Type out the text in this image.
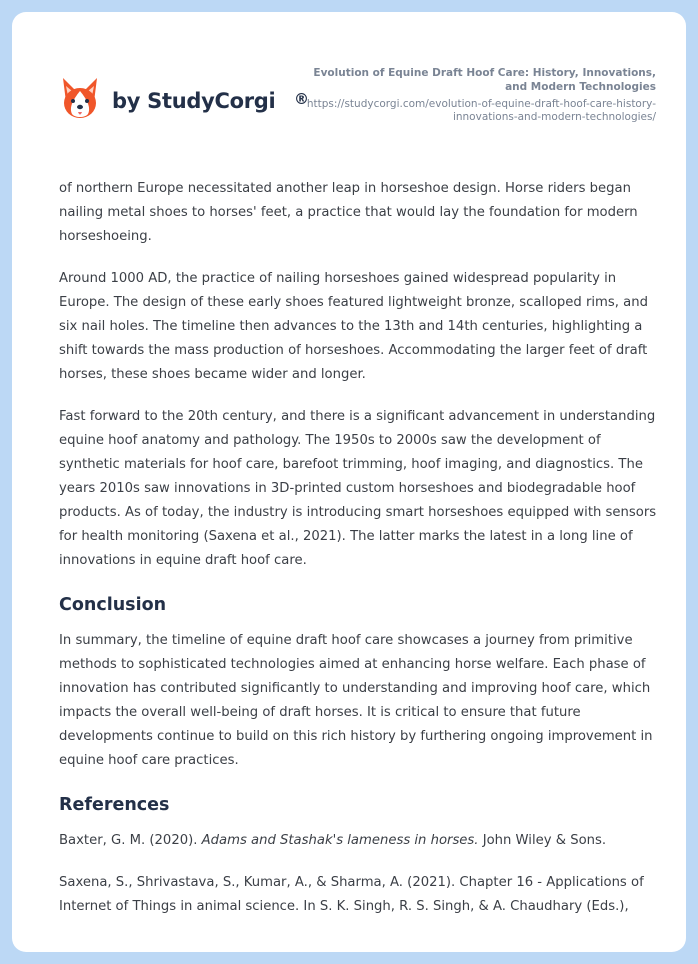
by StudyCorgi ®
Evolution of Equine Draft Hoof Care: History, Innovations, and Modern Technologies
https://studycorgi.com/evolution-of-equine-draft-hoof-care-history-innovations-and-modern-technologies/

of northern Europe necessitated another leap in horseshoe design. Horse riders began nailing metal shoes to horses' feet, a practice that would lay the foundation for modern horseshoeing.

Around 1000 AD, the practice of nailing horseshoes gained widespread popularity in Europe. The design of these early shoes featured lightweight bronze, scalloped rims, and six nail holes. The timeline then advances to the 13th and 14th centuries, highlighting a shift towards the mass production of horseshoes. Accommodating the larger feet of draft horses, these shoes became wider and longer.

Fast forward to the 20th century, and there is a significant advancement in understanding equine hoof anatomy and pathology. The 1950s to 2000s saw the development of synthetic materials for hoof care, barefoot trimming, hoof imaging, and diagnostics. The years 2010s saw innovations in 3D-printed custom horseshoes and biodegradable hoof products. As of today, the industry is introducing smart horseshoes equipped with sensors for health monitoring (Saxena et al., 2021). The latter marks the latest in a long line of innovations in equine draft hoof care.

Conclusion

In summary, the timeline of equine draft hoof care showcases a journey from primitive methods to sophisticated technologies aimed at enhancing horse welfare. Each phase of innovation has contributed significantly to understanding and improving hoof care, which impacts the overall well-being of draft horses. It is critical to ensure that future developments continue to build on this rich history by furthering ongoing improvement in equine hoof care practices.

References

Baxter, G. M. (2020). Adams and Stashak's lameness in horses. John Wiley & Sons.

Saxena, S., Shrivastava, S., Kumar, A., & Sharma, A. (2021). Chapter 16 - Applications of Internet of Things in animal science. In S. K. Singh, R. S. Singh, & A. Chaudhary (Eds.),
